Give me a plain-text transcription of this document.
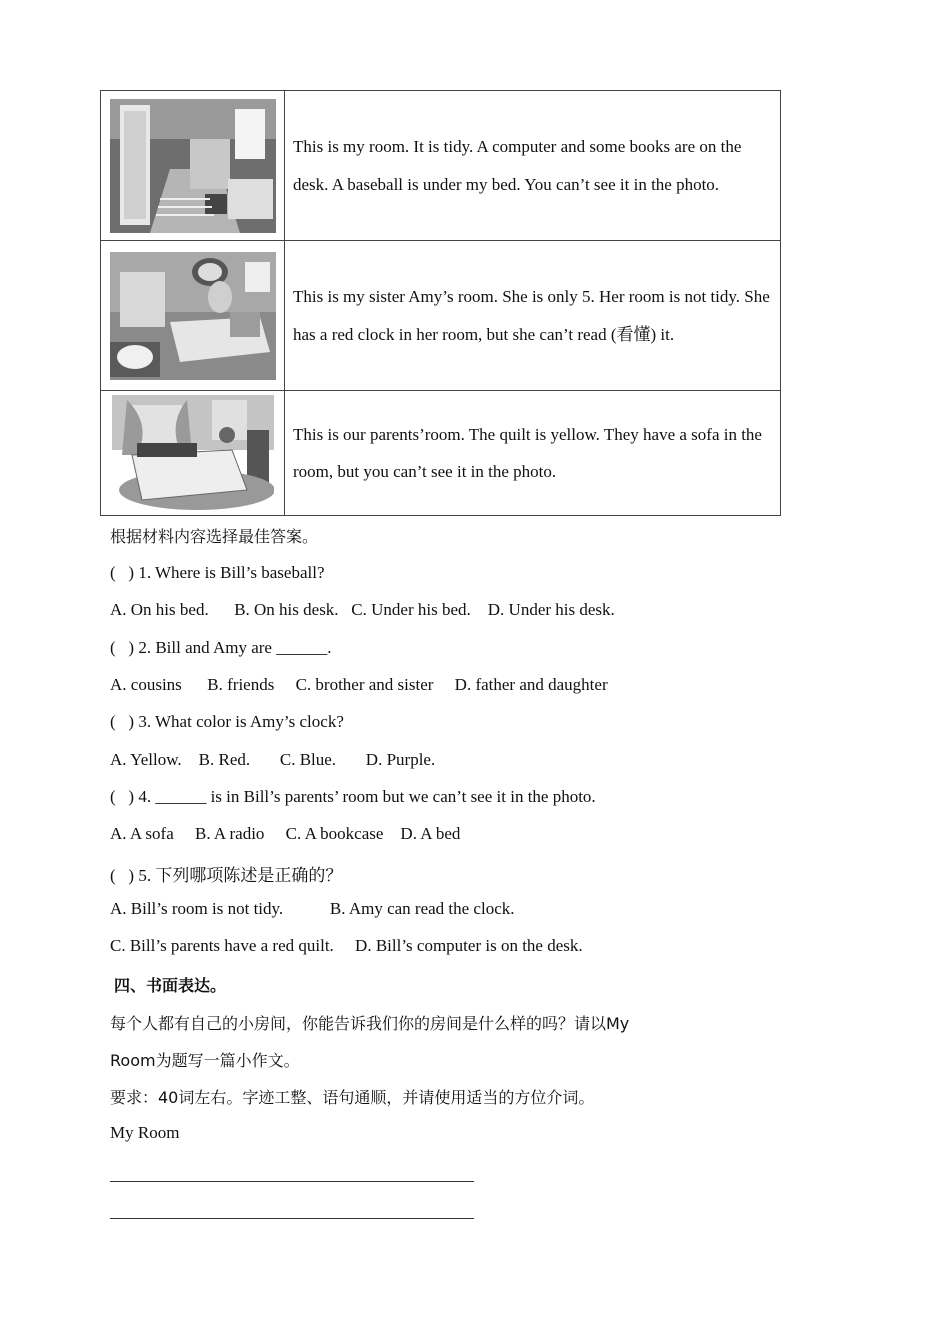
	This is my room. It is tidy. A computer and some books are on the desk. A baseball is under my bed. You can’t see it in the photo.

	This is my sister Amy’s room. She is only 5. Her room is not tidy. She has a red clock in her room, but she can’t read (看懂) it.

	This is our parents’room. The quilt is yellow. They have a sofa in the room, but you can’t see it in the photo.
根据材料内容选择最佳答案。
(   ) 1. Where is Bill’s baseball?
A. On his bed.      B. On his desk.   C. Under his bed.    D. Under his desk.
(   ) 2. Bill and Amy are ______.
A. cousins      B. friends     C. brother and sister     D. father and daughter
(   ) 3. What color is Amy’s clock?
A. Yellow.    B. Red.       C. Blue.       D. Purple.
(   ) 4. ______ is in Bill’s parents’ room but we can’t see it in the photo.
A. A sofa     B. A radio     C. A bookcase    D. A bed
(   ) 5. 下列哪项陈述是正确的？
A. Bill’s room is not tidy.           B. Amy can read the clock.
C. Bill’s parents have a red quilt.     D. Bill’s computer is on the desk.
四、书面表达。
每个人都有自己的小房间，你能告诉我们你的房间是什么样的吗？请以My
Room为题写一篇小作文。
要求：40词左右。字迹工整、语句通顺，并请使用适当的方位介词。
My Room
